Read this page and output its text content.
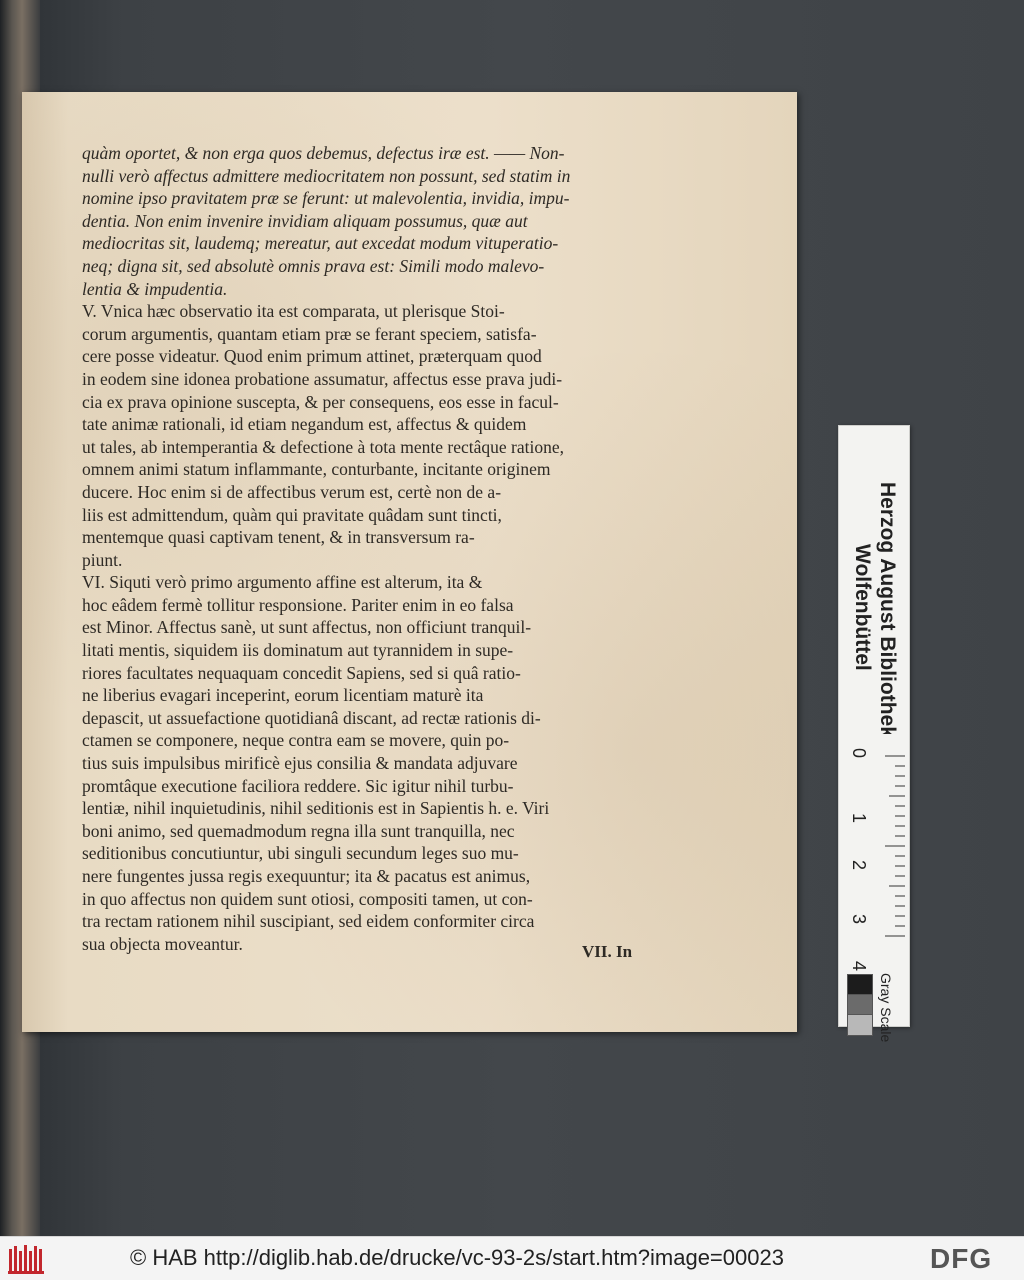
quàm oportet, & non erga quos debemus, defectus iræ est. —— Non-
nulli verò affectus admittere mediocritatem non possunt, sed statim in
nomine ipso pravitatem præ se ferunt: ut malevolentia, invidia, impu-
dentia. Non enim invenire invidiam aliquam possumus, quæ aut
mediocritas sit, laudemq; mereatur, aut excedat modum vituperatio-
neq; digna sit, sed absolutè omnis prava est: Simili modo malevo-
lentia & impudentia.
V. Vnica hæc observatio ita est comparata, ut plerisque Stoi-
corum argumentis, quantam etiam præ se ferant speciem, satisfa-
cere posse videatur. Quod enim primum attinet, præterquam quod
in eodem sine idonea probatione assumatur, affectus esse prava judi-
cia ex prava opinione suscepta, & per consequens, eos esse in facul-
tate animæ rationali, id etiam negandum est, affectus & quidem
ut tales, ab intemperantia & defectione à tota mente rectâque ratione,
omnem animi statum inflammante, conturbante, incitante originem
ducere. Hoc enim si de affectibus verum est, certè non de a-
liis est admittendum, quàm qui pravitate quâdam sunt tincti,
mentemque quasi captivam tenent, & in transversum ra-
piunt.
VI. Siquti verò primo argumento affine est alterum, ita &
hoc eâdem fermè tollitur responsione. Pariter enim in eo falsa
est Minor. Affectus sanè, ut sunt affectus, non officiunt tranquil-
litati mentis, siquidem iis dominatum aut tyrannidem in supe-
riores facultates nequaquam concedit Sapiens, sed si quâ ratio-
ne liberius evagari inceperint, eorum licentiam maturè ita
depascit, ut assuefactione quotidianâ discant, ad rectæ rationis di-
ctamen se componere, neque contra eam se movere, quin po-
tius suis impulsibus mirificè ejus consilia & mandata adjuvare
promtâque executione faciliora reddere. Sic igitur nihil turbu-
lentiæ, nihil inquietudinis, nihil seditionis est in Sapientis h. e. Viri
boni animo, sed quemadmodum regna illa sunt tranquilla, nec
seditionibus concutiuntur, ubi singuli secundum leges suo mu-
nere fungentes jussa regis exequuntur; ita & pacatus est animus,
in quo affectus non quidem sunt otiosi, compositi tamen, ut con-
tra rectam rationem nihil suscipiant, sed eidem conformiter circa
sua objecta moveantur.	VII. In
Herzog August Bibliothek
Wolfenbüttel
0
1
2
3
4
Gray Scale
© HAB http://diglib.hab.de/drucke/vc-93-2s/start.htm?image=00023	DFG
